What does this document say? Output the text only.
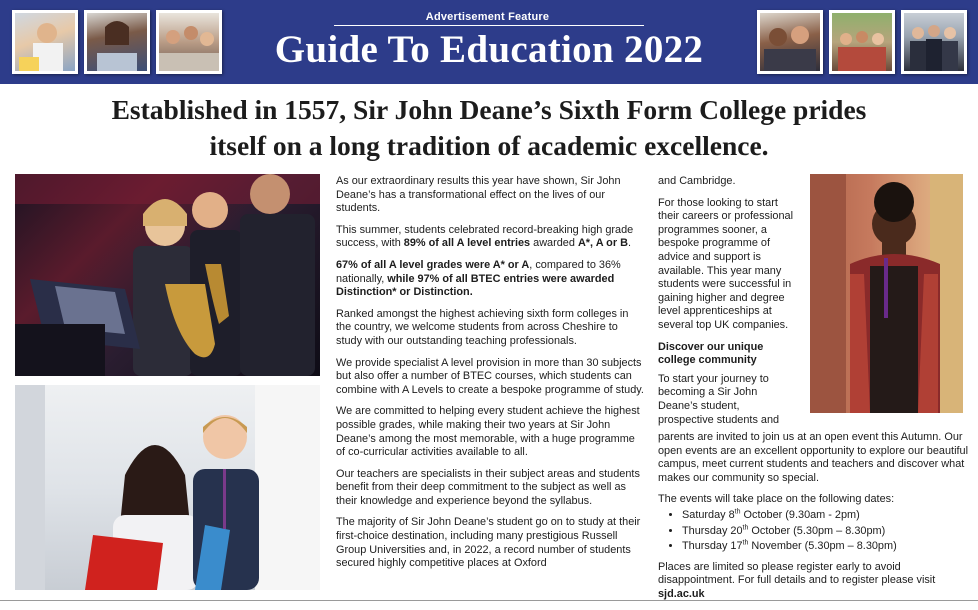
Advertisement Feature
Guide To Education 2022
Established in 1557, Sir John Deane’s Sixth Form College prides
itself on a long tradition of academic excellence.

As our extraordinary results this year have shown, Sir John Deane’s has a transformational effect on the lives of our students.

This summer, students celebrated record-breaking high grade success, with 89% of all A level entries awarded A*, A or B.

67% of all A level grades were A* or A, compared to 36% nationally, while 97% of all BTEC entries were awarded Distinction* or Distinction.

Ranked amongst the highest achieving sixth form colleges in the country, we welcome students from across Cheshire to study with our outstanding teaching professionals.

We provide specialist A level provision in more than 30 subjects but also offer a number of BTEC courses, which students can combine with A Levels to create a bespoke programme of study.

We are committed to helping every student achieve the highest possible grades, while making their two years at Sir John Deane’s among the most memorable, with a huge programme of co-curricular activities available to all.

Our teachers are specialists in their subject areas and students benefit from their deep commitment to the subject as well as their knowledge and experience beyond the syllabus.

The majority of Sir John Deane’s student go on to study at their first-choice destination, including many prestigious Russell Group Universities and, in 2022, a record number of students secured highly competitive places at Oxford

and Cambridge.

For those looking to start their careers or professional programmes sooner, a bespoke programme of advice and support is available. This year many students were successful in gaining higher and degree level apprenticeships at several top UK companies.

Discover our unique college community

To start your journey to becoming a Sir John Deane’s student, prospective students and

parents are invited to join us at an open event this Autumn. Our open events are an excellent opportunity to explore our beautiful campus, meet current students and teachers and discover what makes our community so special.

The events will take place on the following dates:

• Saturday 8th October (9.30am - 2pm)
• Thursday 20th October (5.30pm – 8.30pm)
• Thursday 17th November (5.30pm – 8.30pm)

Places are limited so please register early to avoid disappointment. For full details and to register please visit sjd.ac.uk
